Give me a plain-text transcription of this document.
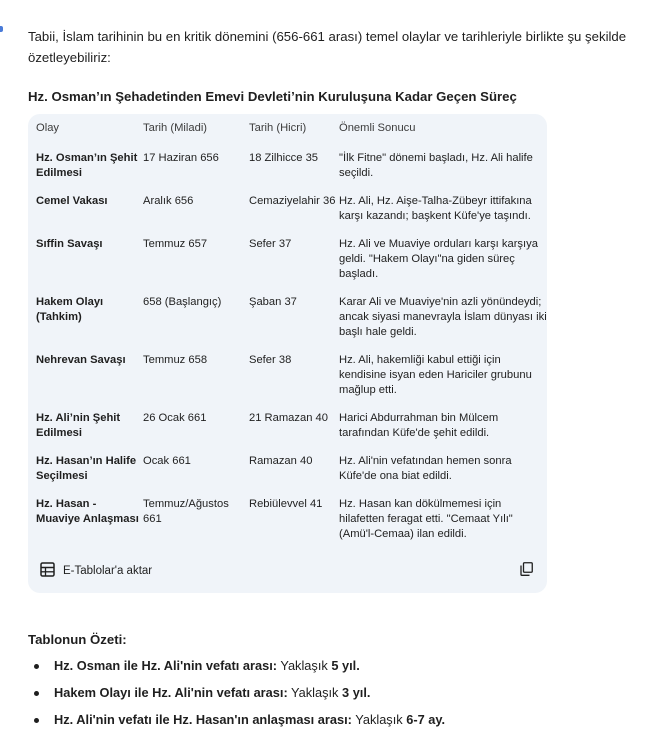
Tabii, İslam tarihinin bu en kritik dönemini (656-661 arası) temel olaylar ve tarihleriyle birlikte şu şekilde özetleyebiliriz:

Hz. Osman’ın Şehadetinden Emevi Devleti’nin Kuruluşuna Kadar Geçen Süreç
Olay	Tarih (Miladi)	Tarih (Hicri)	Önemli Sonucu
Hz. Osman’ın Şehit Edilmesi	17 Haziran 656	18 Zilhicce 35	"İlk Fitne" dönemi başladı, Hz. Ali halife seçildi.
Cemel Vakası	Aralık 656	Cemaziyelahir 36	Hz. Ali, Hz. Aişe-Talha-Zübeyr ittifakına karşı kazandı; başkent Küfe'ye taşındı.
Sıffin Savaşı	Temmuz 657	Sefer 37	Hz. Ali ve Muaviye orduları karşı karşıya geldi. "Hakem Olayı"na giden süreç başladı.
Hakem Olayı (Tahkim)	658 (Başlangıç)	Şaban 37	Karar Ali ve Muaviye'nin azli yönündeydi; ancak siyasi manevrayla İslam dünyası iki başlı hale geldi.
Nehrevan Savaşı	Temmuz 658	Sefer 38	Hz. Ali, hakemliği kabul ettiği için kendisine isyan eden Hariciler grubunu mağlup etti.
Hz. Ali’nin Şehit Edilmesi	26 Ocak 661	21 Ramazan 40	Harici Abdurrahman bin Mülcem tarafından Küfe'de şehit edildi.
Hz. Hasan’ın Halife Seçilmesi	Ocak 661	Ramazan 40	Hz. Ali'nin vefatından hemen sonra Küfe'de ona biat edildi.
Hz. Hasan - Muaviye Anlaşması	Temmuz/Ağustos 661	Rebiülevvel 41	Hz. Hasan kan dökülmemesi için hilafetten feragat etti. "Cemaat Yılı" (Amü'l-Cemaa) ilan edildi.
E-Tablolar'a aktar
Tablonun Özeti:
Hz. Osman ile Hz. Ali'nin vefatı arası: Yaklaşık 5 yıl.
Hakem Olayı ile Hz. Ali'nin vefatı arası: Yaklaşık 3 yıl.
Hz. Ali'nin vefatı ile Hz. Hasan'ın anlaşması arası: Yaklaşık 6-7 ay.
